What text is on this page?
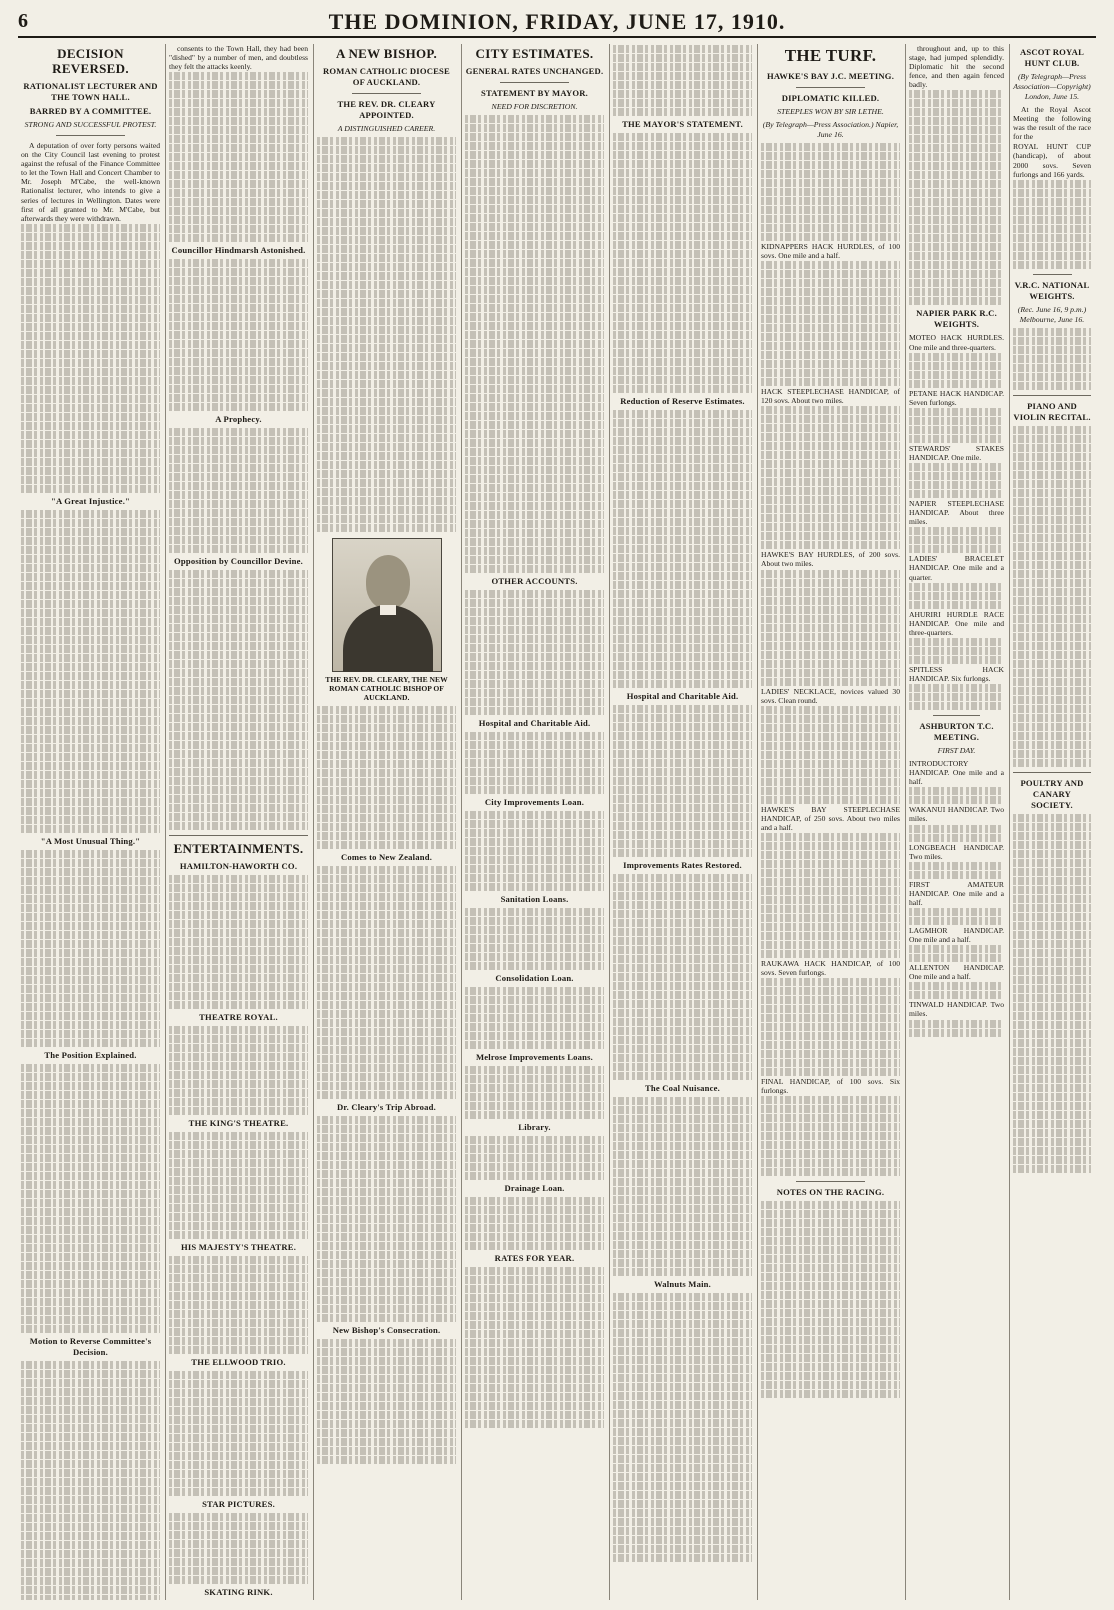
6	THE DOMINION, FRIDAY, JUNE 17, 1910.
DECISION REVERSED.
RATIONALIST LECTURER AND THE TOWN HALL.
BARRED BY A COMMITTEE.
STRONG AND SUCCESSFUL PROTEST.

A deputation of over forty persons waited on the City Council last evening to protest against the refusal of the Finance Committee to let the Town Hall and Concert Chamber to Mr. Joseph M'Cabe, the well-known Rationalist lecturer, who intends to give a series of lectures in Wellington. Dates were first of all granted to Mr. M'Cabe, but afterwards they were withdrawn.

"A Great Injustice."
"A Most Unusual Thing."
The Position Explained.
Motion to Reverse Committee's Decision.

consents to the Town Hall, they had been "dished" by a number of men, and doubtless they felt the attacks keenly.

Councillor Hindmarsh Astonished.
A Prophecy.
Opposition by Councillor Devine.
ENTERTAINMENTS.
HAMILTON-HAWORTH CO.
THEATRE ROYAL.
THE KING'S THEATRE.
HIS MAJESTY'S THEATRE.
THE ELLWOOD TRIO.
STAR PICTURES.
SKATING RINK.
A NEW BISHOP.
ROMAN CATHOLIC DIOCESE OF AUCKLAND.
THE REV. DR. CLEARY APPOINTED.
A DISTINGUISHED CAREER.
THE REV. DR. CLEARY, THE NEW ROMAN CATHOLIC BISHOP OF AUCKLAND.
Comes to New Zealand.
Dr. Cleary's Trip Abroad.
New Bishop's Consecration.
CITY ESTIMATES.
GENERAL RATES UNCHANGED.
STATEMENT BY MAYOR.
NEED FOR DISCRETION.
OTHER ACCOUNTS.
Hospital and Charitable Aid.
City Improvements Loan.
Sanitation Loans.
Consolidation Loan.
Melrose Improvements Loans.
Library.
Drainage Loan.
RATES FOR YEAR.
THE MAYOR'S STATEMENT.
Reduction of Reserve Estimates.
Hospital and Charitable Aid.
Improvements Rates Restored.
The Coal Nuisance.
Walnuts Main.
THE TURF.
HAWKE'S BAY J.C. MEETING.
DIPLOMATIC KILLED.
STEEPLES WON BY SIR LETHE.
(By Telegraph—Press Association.) Napier, June 16.
KIDNAPPERS HACK HURDLES, of 100 sovs. One mile and a half.
HACK STEEPLECHASE HANDICAP, of 120 sovs. About two miles.
HAWKE'S BAY HURDLES, of 200 sovs. About two miles.
LADIES' NECKLACE, novices valued 30 sovs. Clean round.
HAWKE'S BAY STEEPLECHASE HANDICAP, of 250 sovs. About two miles and a half.
RAUKAWA HACK HANDICAP, of 100 sovs. Seven furlongs.
FINAL HANDICAP, of 100 sovs. Six furlongs.
NOTES ON THE RACING.

throughout and, up to this stage, had jumped splendidly. Diplomatic hit the second fence, and then again fenced badly.

NAPIER PARK R.C. WEIGHTS.
MOTEO HACK HURDLES. One mile and three-quarters.
PETANE HACK HANDICAP. Seven furlongs.
STEWARDS' STAKES HANDICAP. One mile.
NAPIER STEEPLECHASE HANDICAP. About three miles.
LADIES' BRACELET HANDICAP. One mile and a quarter.
AHURIRI HURDLE RACE HANDICAP. One mile and three-quarters.
SPITLESS HACK HANDICAP. Six furlongs.
ASHBURTON T.C. MEETING.
FIRST DAY.
INTRODUCTORY HANDICAP. One mile and a half.
WAKANUI HANDICAP. Two miles.
LONGBEACH HANDICAP. Two miles.
FIRST AMATEUR HANDICAP. One mile and a half.
LAGMHOR HANDICAP. One mile and a half.
ALLENTON HANDICAP. One mile and a half.
TINWALD HANDICAP. Two miles.
ASCOT ROYAL HUNT CLUB.
(By Telegraph—Press Association—Copyright) London, June 15.

At the Royal Ascot Meeting the following was the result of the race for the

ROYAL HUNT CUP (handicap), of about 2000 sovs. Seven furlongs and 166 yards.
V.R.C. NATIONAL WEIGHTS.
(Rec. June 16, 9 p.m.) Melbourne, June 16.
PIANO AND VIOLIN RECITAL.
POULTRY AND CANARY SOCIETY.
